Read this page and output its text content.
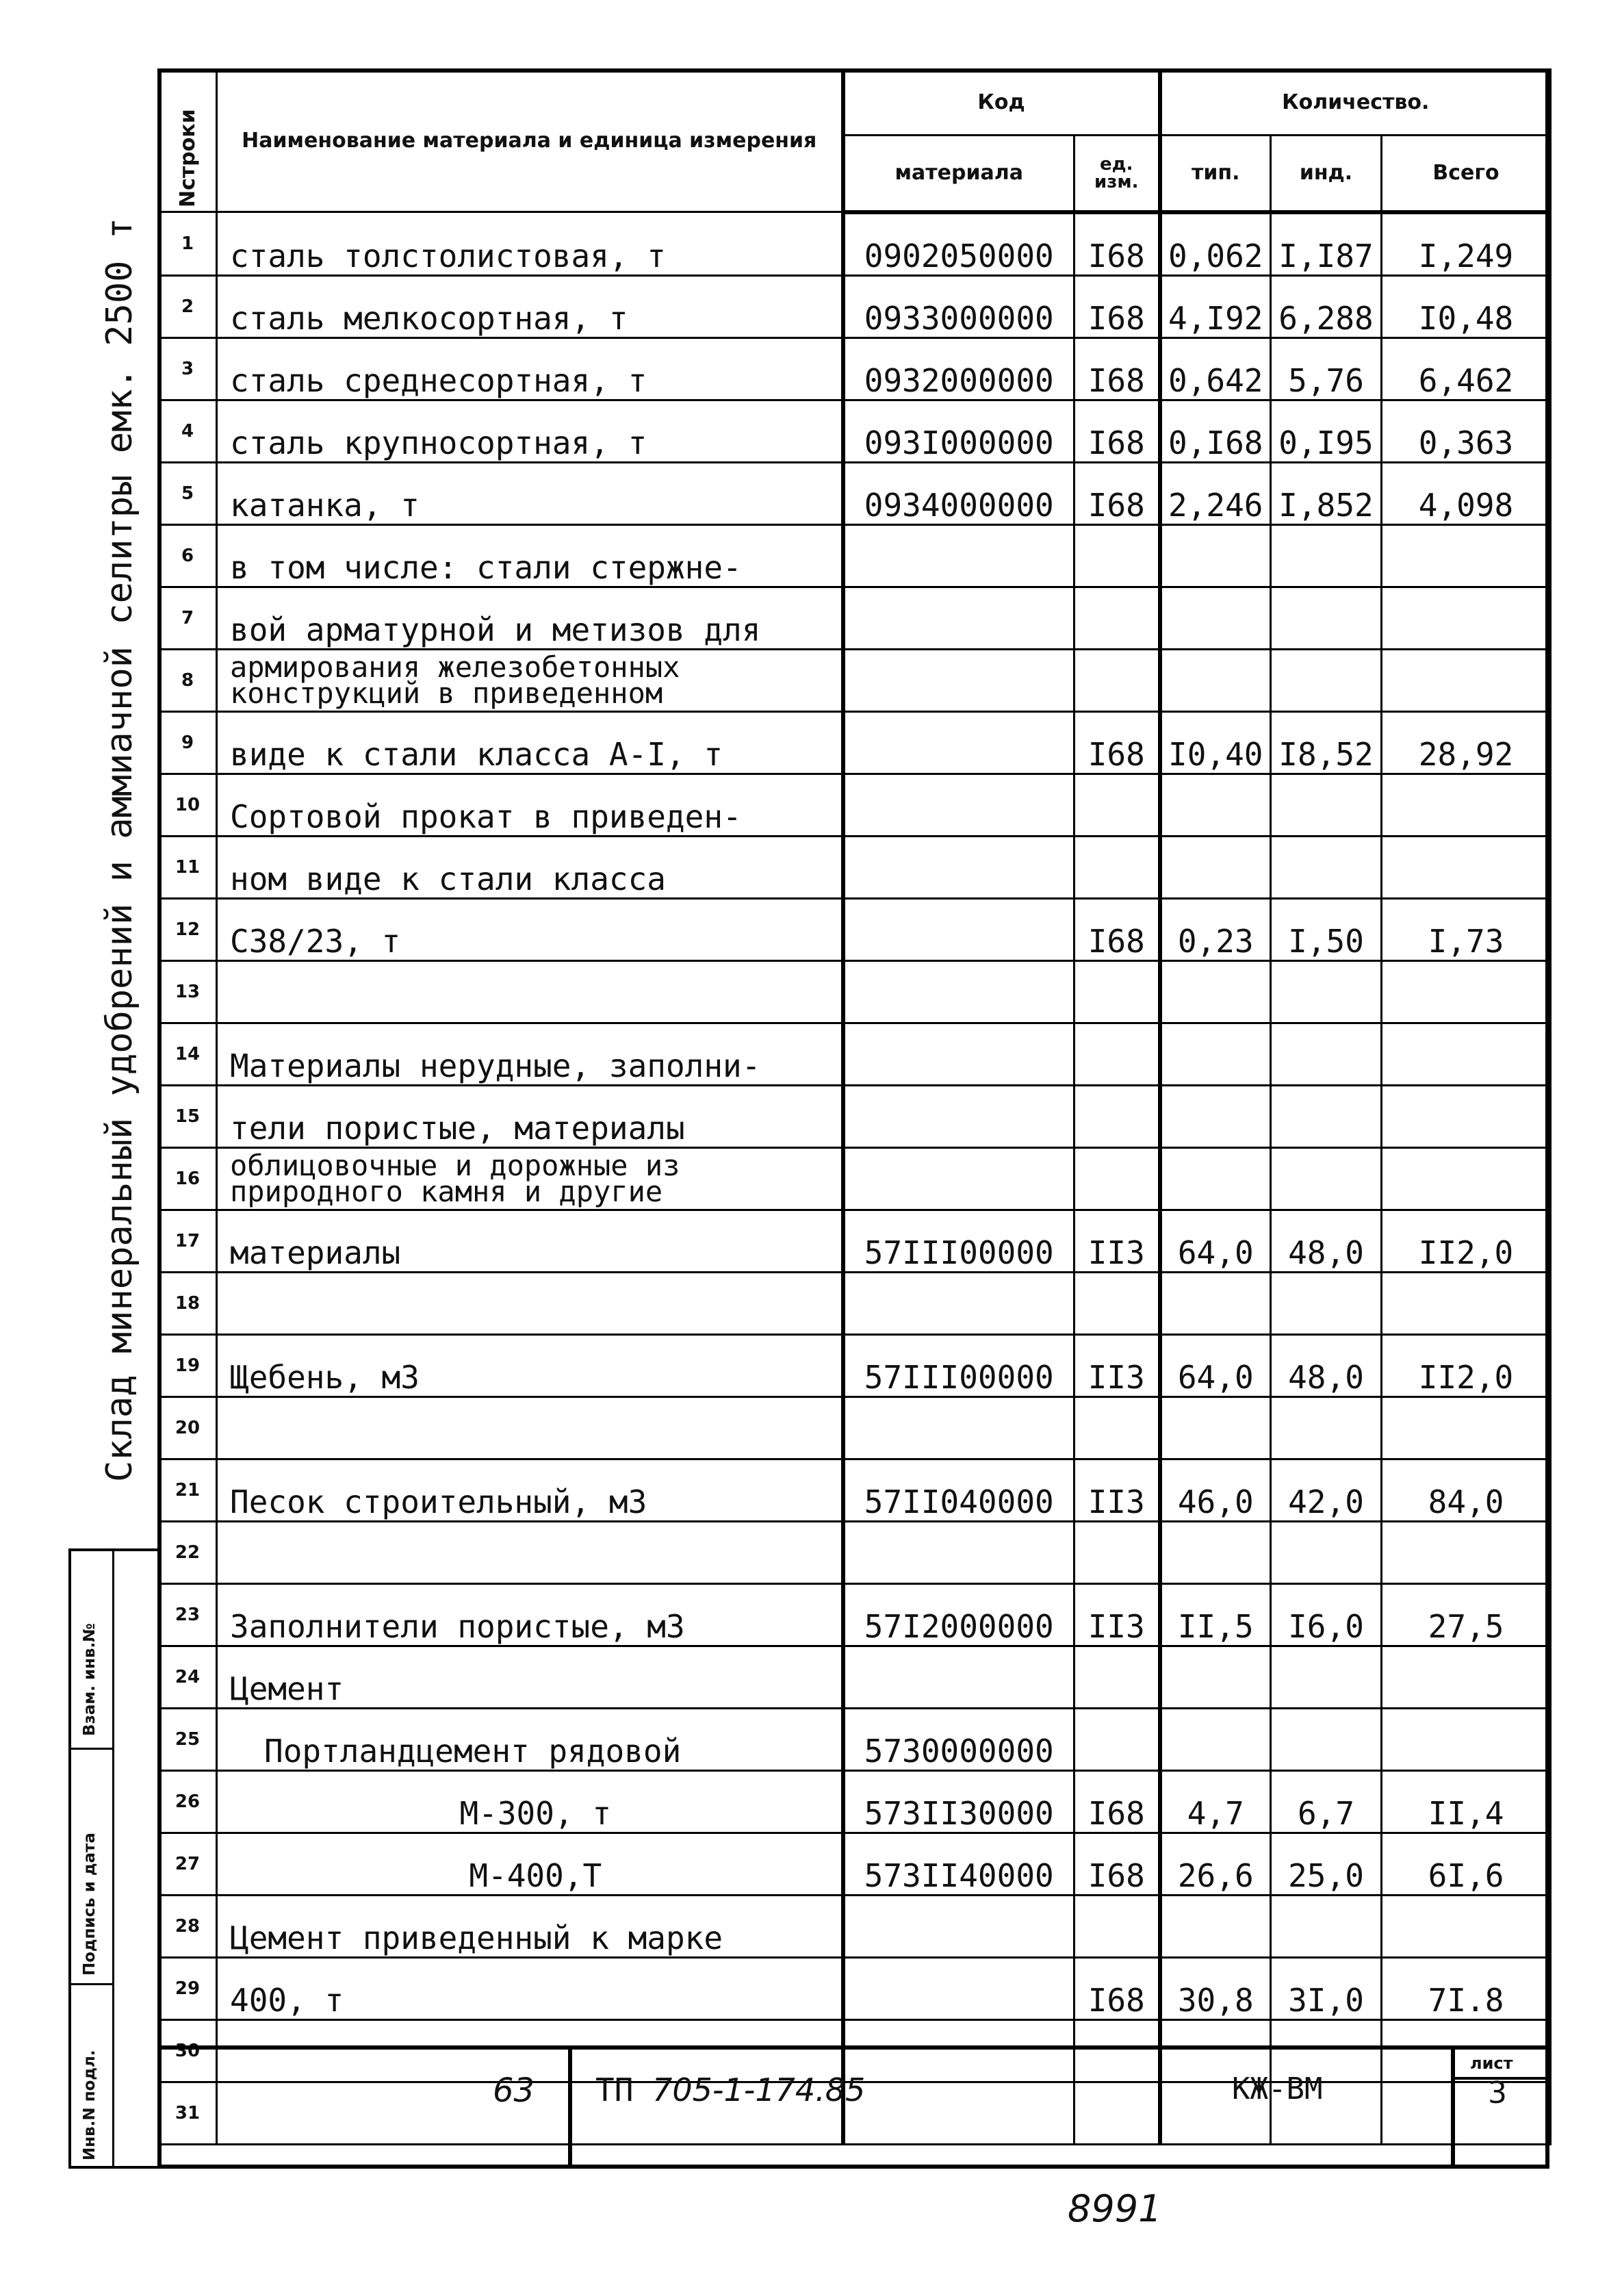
Склад минеральный удобрений и аммиачной селитры емк. 2500 т
Взам. инв.№
Подпись и дата
Инв.N подл.
Nстроки	Наименование материала и единица измерения	Код		Количество.		
		материала	ед. изм.	тип.	инд.	Всего
1	сталь толстолистовая, т	0902050000	I68	0,062	I,I87	I,249
2	сталь мелкосортная, т	0933000000	I68	4,I92	6,288	I0,48
3	сталь среднесортная, т	0932000000	I68	0,642	5,76	6,462
4	сталь крупносортная, т	093I000000	I68	0,I68	0,I95	0,363
5	катанка, т	0934000000	I68	2,246	I,852	4,098
6	в том числе: стали стержне-					
7	вой арматурной и метизов для					
8	армирования железобетонных конструкций в приведенном					
9	виде к стали класса А-I, т		I68	I0,40	I8,52	28,92
10	Сортовой прокат в приведен-					
11	ном виде к стали класса					
12	С38/23, т		I68	0,23	I,50	I,73
13						
14	Материалы нерудные, заполни-					
15	тели пористые, материалы					
16	облицовочные и дорожные из природного камня и другие					
17	материалы	57III00000	II3	64,0	48,0	II2,0
18						
19	Щебень, м3	57III00000	II3	64,0	48,0	II2,0
20						
21	Песок строительный, м3	57II040000	II3	46,0	42,0	84,0
22						
23	Заполнители пористые, м3	57I2000000	II3	II,5	I6,0	27,5
24	Цемент					
25	Портландцемент рядовой	5730000000				
26	М-300, т	573II30000	I68	4,7	6,7	II,4
27	М-400,Т	573II40000	I68	26,6	25,0	6I,6
28	Цемент приведенный к марке					
29	400, т		I68	30,8	3I,0	7I.8
30						
31						
63 ТП 705-1-174.85	КЖ-ВМ
лист
3
8991
